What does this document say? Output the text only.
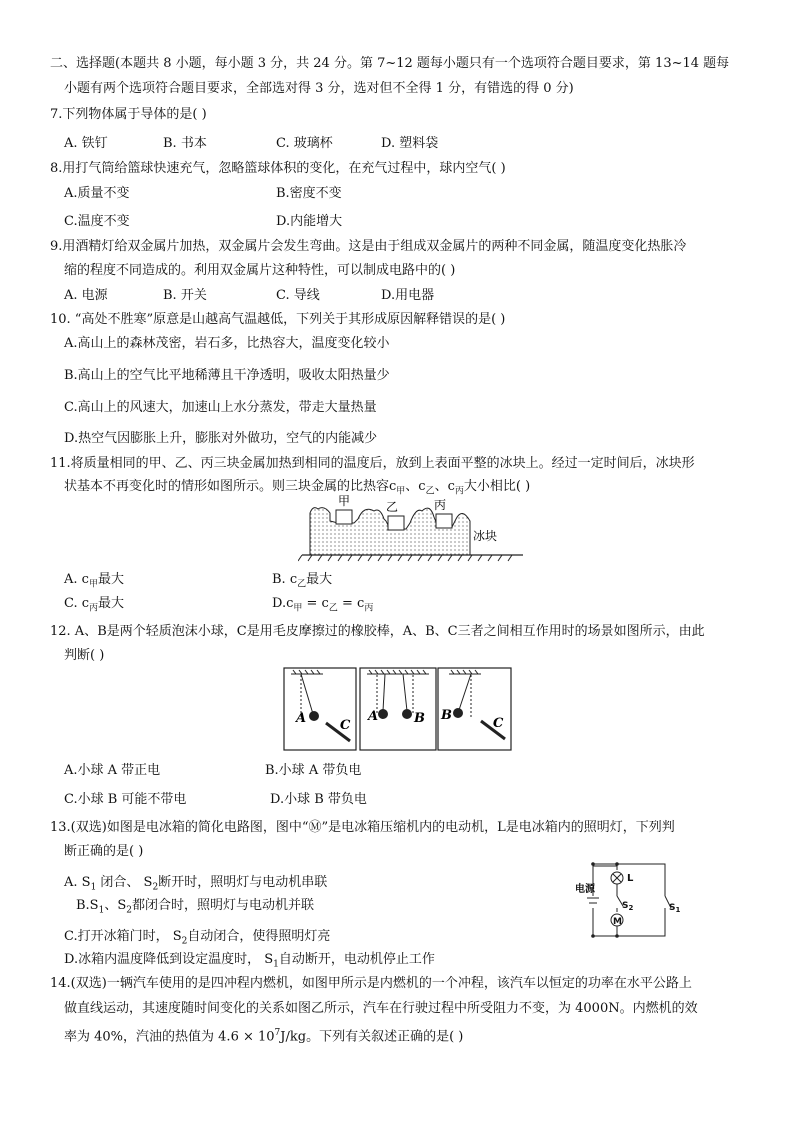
二、选择题(本题共 8 小题，每小题 3 分，共 24 分。第 7~12 题每小题只有一个选项符合题目要求，第 13~14 题每
小题有两个选项符合题目要求，全部选对得 3 分，选对但不全得 1 分，有错选的得 0 分)
7.下列物体属于导体的是( )
A. 铁钉	B. 书本	C. 玻璃杯	D. 塑料袋
8.用打气筒给篮球快速充气，忽略篮球体积的变化，在充气过程中，球内空气( )
A.质量不变	B.密度不变
C.温度不变	D.内能增大
9.用酒精灯给双金属片加热，双金属片会发生弯曲。这是由于组成双金属片的两种不同金属，随温度变化热胀冷
缩的程度不同造成的。利用双金属片这种特性，可以制成电路中的( )
A. 电源	B. 开关	C. 导线	D.用电器
10. “高处不胜寒”原意是山越高气温越低，下列关于其形成原因解释错误的是( )
A.高山上的森林茂密，岩石多，比热容大，温度变化较小
B.高山上的空气比平地稀薄且干净透明，吸收太阳热量少
C.高山上的风速大，加速山上水分蒸发，带走大量热量
D.热空气因膨胀上升，膨胀对外做功，空气的内能减少
11.将质量相同的甲、乙、丙三块金属加热到相同的温度后，放到上表面平整的冰块上。经过一定时间后，冰块形
状基本不再变化时的情形如图所示。则三块金属的比热容$c_甲$、$c_乙$、$c_丙$大小相比( )
甲	乙	丙
冰块
A. $c_甲$最大	B. $c_乙$最大
C. $c_丙$最大	$D.c_甲 = c_乙 = c_丙$
12. A、B是两个轻质泡沫小球，C是用毛皮摩擦过的橡胶棒，A、B、C三者之间相互作用时的场景如图所示，由此
判断( )
A	C
A	B B
C
A.小球 A 带正电	B.小球 A 带负电
C.小球 B 可能不带电	D.小球 B 带负电
13.(双选)如图是电冰箱的简化电路图，图中“Ⓜ”是电冰箱压缩机内的电动机，L是电冰箱内的照明灯，下列判
断正确的是( )
A. $S_1$ 闭合、 $S_2$断开时，照明灯与电动机串联
$B.S_1$、$S_2$都闭合时，照明灯与电动机并联
C.打开冰箱门时， $S_2$自动闭合，使得照明灯亮
D.冰箱内温度降低到设定温度时， $S_1$自动断开，电动机停止工作
电源
L
$S_2$
M
$S_1$
14.(双选)一辆汽车使用的是四冲程内燃机，如图甲所示是内燃机的一个冲程，该汽车以恒定的功率在水平公路上
做直线运动，其速度随时间变化的关系如图乙所示，汽车在行驶过程中所受阻力不变，为 4000N。内燃机的效
率为 40%，汽油的热值为 $4.6 \times 10^7J/kg$。下列有关叙述正确的是( )
